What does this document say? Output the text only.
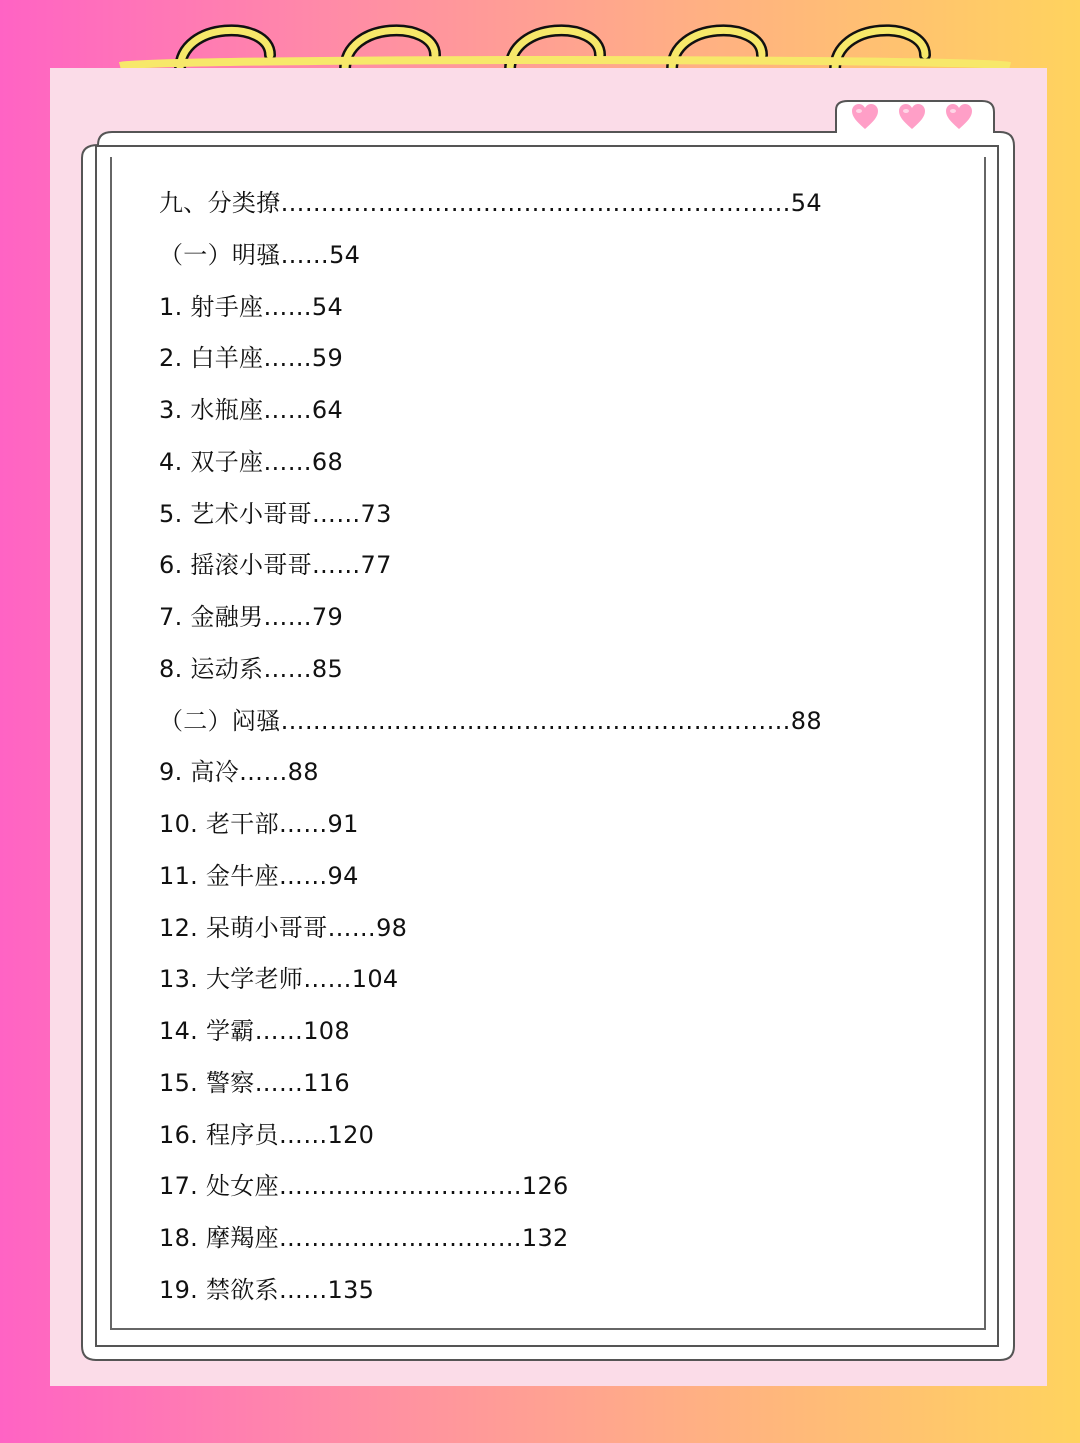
九、分类撩………………………………………………………54
（一）明骚……54
1. 射手座……54
2. 白羊座……59
3. 水瓶座……64
4. 双子座……68
5. 艺术小哥哥……73
6. 摇滚小哥哥……77
7. 金融男……79
8. 运动系……85
（二）闷骚………………………………………………………88
9. 高冷……88
10. 老干部……91
11. 金牛座……94
12. 呆萌小哥哥……98
13. 大学老师……104
14. 学霸……108
15. 警察……116
16. 程序员……120
17. 处女座…………………………126
18. 摩羯座…………………………132
19. 禁欲系……135
